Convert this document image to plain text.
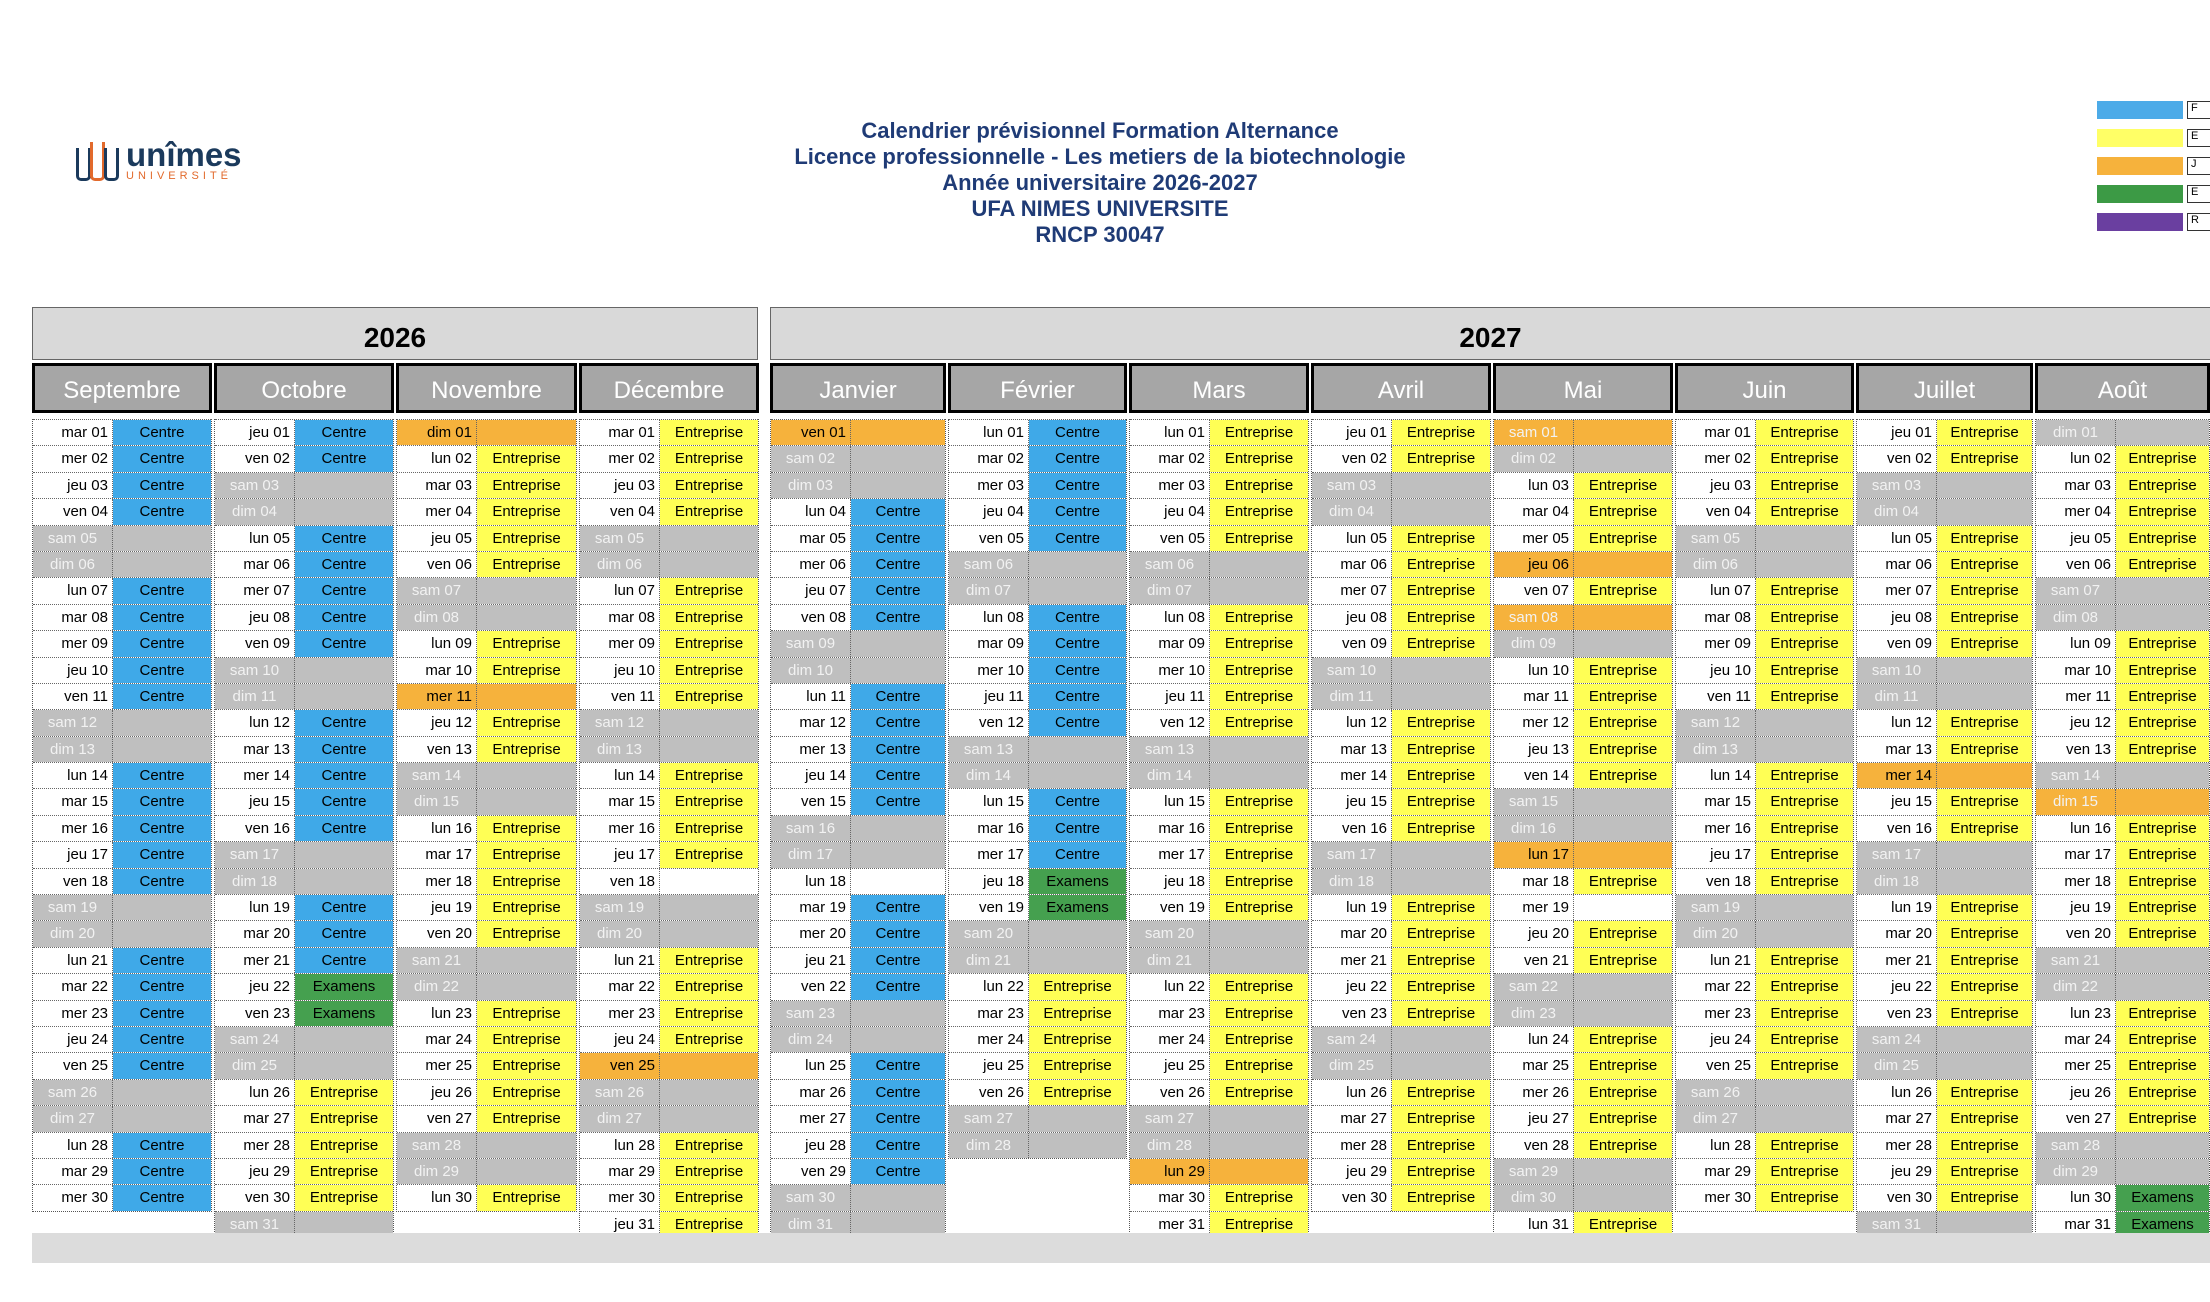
unîmes
UNIVERSITÉ
Calendrier prévisionnel Formation Alternance
Licence professionnelle - Les metiers de la biotechnologie
Année universitaire 2026-2027
UFA NIMES UNIVERSITE
RNCP 30047
F
E
J
E
R
2026	2027
Septembre
mar 01	Centre
mer 02	Centre
jeu 03	Centre
ven 04	Centre
sam 05
dim 06
lun 07	Centre
mar 08	Centre
mer 09	Centre
jeu 10	Centre
ven 11	Centre
sam 12
dim 13
lun 14	Centre
mar 15	Centre
mer 16	Centre
jeu 17	Centre
ven 18	Centre
sam 19
dim 20
lun 21	Centre
mar 22	Centre
mer 23	Centre
jeu 24	Centre
ven 25	Centre
sam 26
dim 27
lun 28	Centre
mar 29	Centre
mer 30	Centre
Octobre
jeu 01	Centre
ven 02	Centre
sam 03
dim 04
lun 05	Centre
mar 06	Centre
mer 07	Centre
jeu 08	Centre
ven 09	Centre
sam 10
dim 11
lun 12	Centre
mar 13	Centre
mer 14	Centre
jeu 15	Centre
ven 16	Centre
sam 17
dim 18
lun 19	Centre
mar 20	Centre
mer 21	Centre
jeu 22	Examens
ven 23	Examens
sam 24
dim 25
lun 26	Entreprise
mar 27	Entreprise
mer 28	Entreprise
jeu 29	Entreprise
ven 30	Entreprise
sam 31
Novembre
dim 01
lun 02	Entreprise
mar 03	Entreprise
mer 04	Entreprise
jeu 05	Entreprise
ven 06	Entreprise
sam 07
dim 08
lun 09	Entreprise
mar 10	Entreprise
mer 11
jeu 12	Entreprise
ven 13	Entreprise
sam 14
dim 15
lun 16	Entreprise
mar 17	Entreprise
mer 18	Entreprise
jeu 19	Entreprise
ven 20	Entreprise
sam 21
dim 22
lun 23	Entreprise
mar 24	Entreprise
mer 25	Entreprise
jeu 26	Entreprise
ven 27	Entreprise
sam 28
dim 29
lun 30	Entreprise
Décembre
mar 01	Entreprise
mer 02	Entreprise
jeu 03	Entreprise
ven 04	Entreprise
sam 05
dim 06
lun 07	Entreprise
mar 08	Entreprise
mer 09	Entreprise
jeu 10	Entreprise
ven 11	Entreprise
sam 12
dim 13
lun 14	Entreprise
mar 15	Entreprise
mer 16	Entreprise
jeu 17	Entreprise
ven 18
sam 19
dim 20
lun 21	Entreprise
mar 22	Entreprise
mer 23	Entreprise
jeu 24	Entreprise
ven 25
sam 26
dim 27
lun 28	Entreprise
mar 29	Entreprise
mer 30	Entreprise
jeu 31	Entreprise
Janvier
ven 01
sam 02
dim 03
lun 04	Centre
mar 05	Centre
mer 06	Centre
jeu 07	Centre
ven 08	Centre
sam 09
dim 10
lun 11	Centre
mar 12	Centre
mer 13	Centre
jeu 14	Centre
ven 15	Centre
sam 16
dim 17
lun 18
mar 19	Centre
mer 20	Centre
jeu 21	Centre
ven 22	Centre
sam 23
dim 24
lun 25	Centre
mar 26	Centre
mer 27	Centre
jeu 28	Centre
ven 29	Centre
sam 30
dim 31
Février
lun 01	Centre
mar 02	Centre
mer 03	Centre
jeu 04	Centre
ven 05	Centre
sam 06
dim 07
lun 08	Centre
mar 09	Centre
mer 10	Centre
jeu 11	Centre
ven 12	Centre
sam 13
dim 14
lun 15	Centre
mar 16	Centre
mer 17	Centre
jeu 18	Examens
ven 19	Examens
sam 20
dim 21
lun 22	Entreprise
mar 23	Entreprise
mer 24	Entreprise
jeu 25	Entreprise
ven 26	Entreprise
sam 27
dim 28
Mars
lun 01	Entreprise
mar 02	Entreprise
mer 03	Entreprise
jeu 04	Entreprise
ven 05	Entreprise
sam 06
dim 07
lun 08	Entreprise
mar 09	Entreprise
mer 10	Entreprise
jeu 11	Entreprise
ven 12	Entreprise
sam 13
dim 14
lun 15	Entreprise
mar 16	Entreprise
mer 17	Entreprise
jeu 18	Entreprise
ven 19	Entreprise
sam 20
dim 21
lun 22	Entreprise
mar 23	Entreprise
mer 24	Entreprise
jeu 25	Entreprise
ven 26	Entreprise
sam 27
dim 28
lun 29
mar 30	Entreprise
mer 31	Entreprise
Avril
jeu 01	Entreprise
ven 02	Entreprise
sam 03
dim 04
lun 05	Entreprise
mar 06	Entreprise
mer 07	Entreprise
jeu 08	Entreprise
ven 09	Entreprise
sam 10
dim 11
lun 12	Entreprise
mar 13	Entreprise
mer 14	Entreprise
jeu 15	Entreprise
ven 16	Entreprise
sam 17
dim 18
lun 19	Entreprise
mar 20	Entreprise
mer 21	Entreprise
jeu 22	Entreprise
ven 23	Entreprise
sam 24
dim 25
lun 26	Entreprise
mar 27	Entreprise
mer 28	Entreprise
jeu 29	Entreprise
ven 30	Entreprise
Mai
sam 01
dim 02
lun 03	Entreprise
mar 04	Entreprise
mer 05	Entreprise
jeu 06
ven 07	Entreprise
sam 08
dim 09
lun 10	Entreprise
mar 11	Entreprise
mer 12	Entreprise
jeu 13	Entreprise
ven 14	Entreprise
sam 15
dim 16
lun 17
mar 18	Entreprise
mer 19
jeu 20	Entreprise
ven 21	Entreprise
sam 22
dim 23
lun 24	Entreprise
mar 25	Entreprise
mer 26	Entreprise
jeu 27	Entreprise
ven 28	Entreprise
sam 29
dim 30
lun 31	Entreprise
Juin
mar 01	Entreprise
mer 02	Entreprise
jeu 03	Entreprise
ven 04	Entreprise
sam 05
dim 06
lun 07	Entreprise
mar 08	Entreprise
mer 09	Entreprise
jeu 10	Entreprise
ven 11	Entreprise
sam 12
dim 13
lun 14	Entreprise
mar 15	Entreprise
mer 16	Entreprise
jeu 17	Entreprise
ven 18	Entreprise
sam 19
dim 20
lun 21	Entreprise
mar 22	Entreprise
mer 23	Entreprise
jeu 24	Entreprise
ven 25	Entreprise
sam 26
dim 27
lun 28	Entreprise
mar 29	Entreprise
mer 30	Entreprise
Juillet
jeu 01	Entreprise
ven 02	Entreprise
sam 03
dim 04
lun 05	Entreprise
mar 06	Entreprise
mer 07	Entreprise
jeu 08	Entreprise
ven 09	Entreprise
sam 10
dim 11
lun 12	Entreprise
mar 13	Entreprise
mer 14
jeu 15	Entreprise
ven 16	Entreprise
sam 17
dim 18
lun 19	Entreprise
mar 20	Entreprise
mer 21	Entreprise
jeu 22	Entreprise
ven 23	Entreprise
sam 24
dim 25
lun 26	Entreprise
mar 27	Entreprise
mer 28	Entreprise
jeu 29	Entreprise
ven 30	Entreprise
sam 31
Août
dim 01
lun 02	Entreprise
mar 03	Entreprise
mer 04	Entreprise
jeu 05	Entreprise
ven 06	Entreprise
sam 07
dim 08
lun 09	Entreprise
mar 10	Entreprise
mer 11	Entreprise
jeu 12	Entreprise
ven 13	Entreprise
sam 14
dim 15
lun 16	Entreprise
mar 17	Entreprise
mer 18	Entreprise
jeu 19	Entreprise
ven 20	Entreprise
sam 21
dim 22
lun 23	Entreprise
mar 24	Entreprise
mer 25	Entreprise
jeu 26	Entreprise
ven 27	Entreprise
sam 28
dim 29
lun 30	Examens
mar 31	Examens
